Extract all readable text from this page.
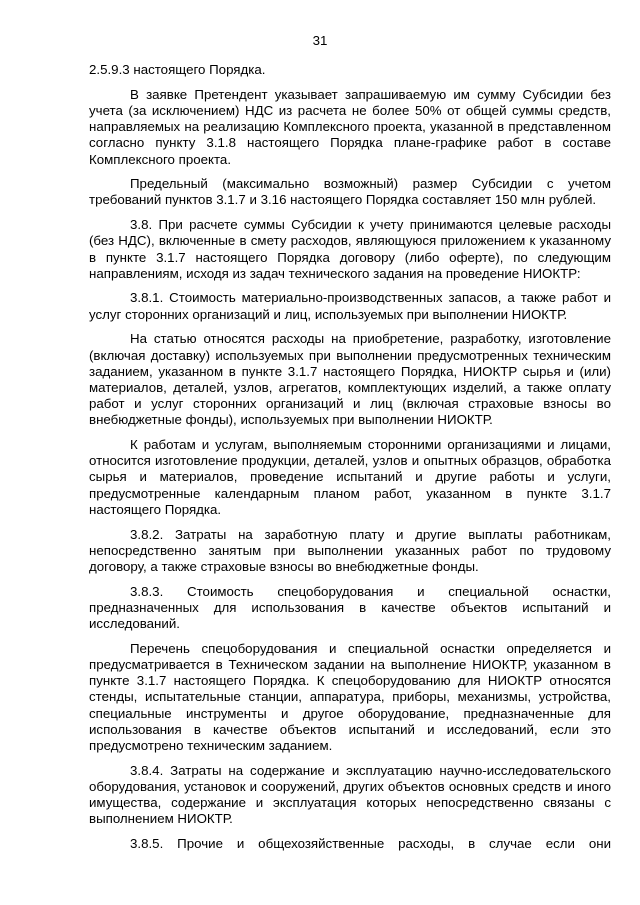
31

2.5.9.3 настоящего Порядка.

В заявке Претендент указывает запрашиваемую им сумму Субсидии без учета (за исключением) НДС из расчета не более 50% от общей суммы средств, направляемых на реализацию Комплексного проекта, указанной в представленном согласно пункту 3.1.8 настоящего Порядка плане-графике работ в составе Комплексного проекта.

Предельный (максимально возможный) размер Субсидии с учетом требований пунктов 3.1.7 и 3.16 настоящего Порядка составляет 150 млн рублей.

3.8. При расчете суммы Субсидии к учету принимаются целевые расходы (без НДС), включенные в смету расходов, являющуюся приложением к указанному в пункте 3.1.7 настоящего Порядка договору (либо оферте), по следующим направлениям, исходя из задач технического задания на проведение НИОКТР:

3.8.1. Стоимость материально-производственных запасов, а также работ и услуг сторонних организаций и лиц, используемых при выполнении НИОКТР.

На статью относятся расходы на приобретение, разработку, изготовление (включая доставку) используемых при выполнении предусмотренных техническим заданием, указанном в пункте 3.1.7 настоящего Порядка, НИОКТР сырья и (или) материалов, деталей, узлов, агрегатов, комплектующих изделий, а также оплату работ и услуг сторонних организаций и лиц (включая страховые взносы во внебюджетные фонды), используемых при выполнении НИОКТР.

К работам и услугам, выполняемым сторонними организациями и лицами, относится изготовление продукции, деталей, узлов и опытных образцов, обработка сырья и материалов, проведение испытаний и другие работы и услуги, предусмотренные календарным планом работ, указанном в пункте 3.1.7 настоящего Порядка.

3.8.2. Затраты на заработную плату и другие выплаты работникам, непосредственно занятым при выполнении указанных работ по трудовому договору, а также страховые взносы во внебюджетные фонды.

3.8.3. Стоимость спецоборудования и специальной оснастки, предназначенных для использования в качестве объектов испытаний и исследований.

Перечень спецоборудования и специальной оснастки определяется и предусматривается в Техническом задании на выполнение НИОКТР, указанном в пункте 3.1.7 настоящего Порядка. К спецоборудованию для НИОКТР относятся стенды, испытательные станции, аппаратура, приборы, механизмы, устройства, специальные инструменты и другое оборудование, предназначенные для использования в качестве объектов испытаний и исследований, если это предусмотрено техническим заданием.

3.8.4. Затраты на содержание и эксплуатацию научно-исследовательского оборудования, установок и сооружений, других объектов основных средств и иного имущества, содержание и эксплуатация которых непосредственно связаны с выполнением НИОКТР.

3.8.5. Прочие и общехозяйственные расходы, в случае если они
